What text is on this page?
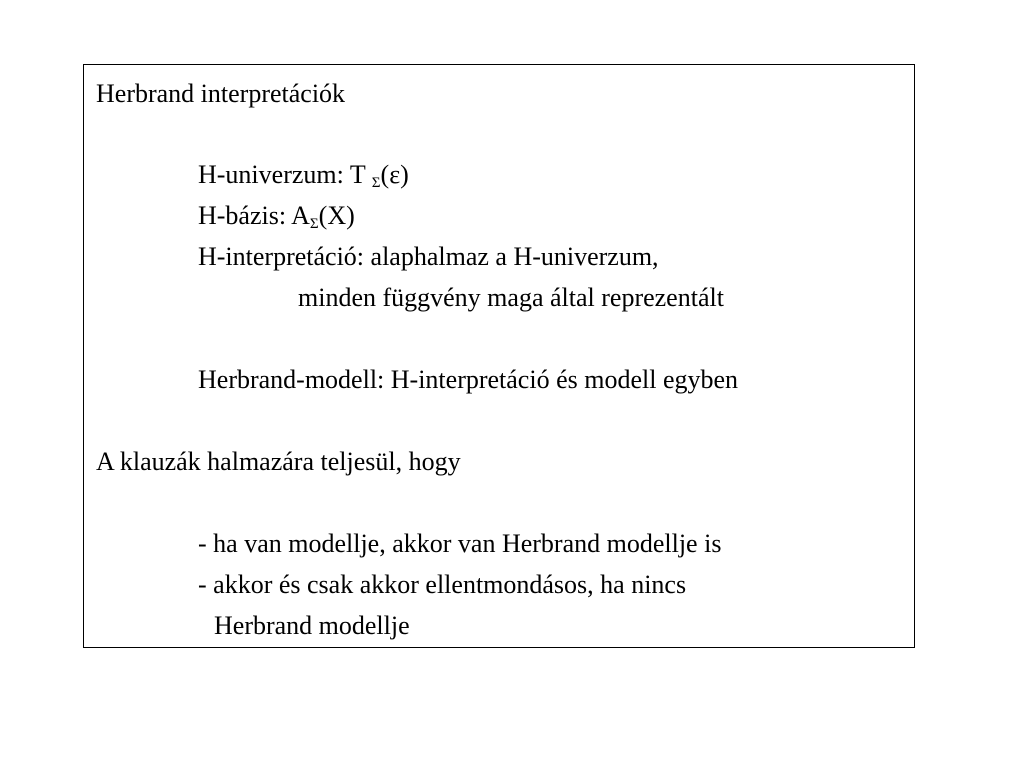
Herbrand interpretációk
H-univerzum: T Σ(ε)
H-bázis: AΣ(X)
H-interpretáció: alaphalmaz a H-univerzum,
minden függvény maga által reprezentált
Herbrand-modell: H-interpretáció és modell egyben
A klauzák halmazára teljesül, hogy
- ha van modellje, akkor van Herbrand modellje is
- akkor és csak akkor ellentmondásos, ha nincs
Herbrand modellje
